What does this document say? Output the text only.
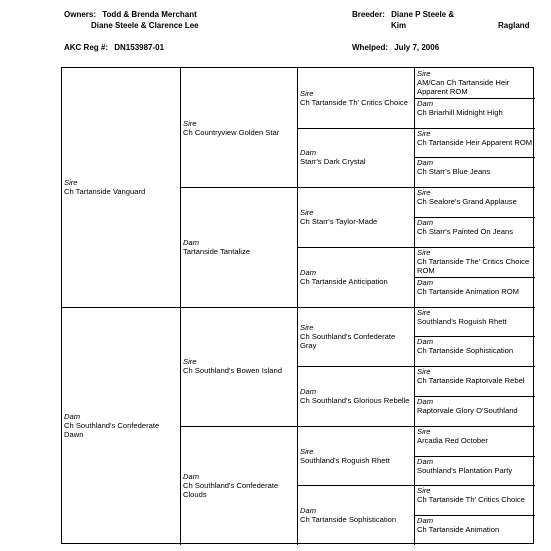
Owners: Todd & Brenda Merchant
Diane Steele & Clarence Lee
Breeder: Diane P Steele &
Kim	Ragland
AKC Reg #: DN153987-01	Whelped: July 7, 2006
Sire
Ch Tartanside Vanguard
Dam
Ch Southland's Confederate Dawn
Sire
Ch Countryview Golden Star
Dam
Tartanside Tantalize
Sire
Ch Southland's Bowen Island
Dam
Ch Southland's Confederate Clouds
Sire
Ch Tartanside Th' Critics Choice
Dam
Starr's Dark Crystal
Sire
Ch Starr's Taylor-Made
Dam
Ch Tartanside Anticipation
Sire
Ch Southland's Confederate Gray
Dam
Ch Southland's Glorious Rebelle
Sire
Southland's Roguish Rhett
Dam
Ch Tartanside Sophistication
Sire
AM/Can Ch Tartanside Heir Apparent ROM
Dam
Ch Briarhill Midnight High
Sire
Ch Tartanside Heir Apparent ROM
Dam
Ch Starr's Blue Jeans
Sire
Ch Sealore's Grand Applause
Dam
Ch Starr's Painted On Jeans
Sire
Ch Tartanside The' Critics Choice ROM
Dam
Ch Tartanside Animation ROM
Sire
Southland's Roguish Rhett
Dam
Ch Tartanside Sophistication
Sire
Ch Tartanside Raptorvale Rebel
Dam
Raptorvale Glory O'Southland
Sire
Arcadia Red October
Dam
Southland's Plantation Party
Sire
Ch Tartanside Th' Critics Choice
Dam
Ch Tartanside Animation
